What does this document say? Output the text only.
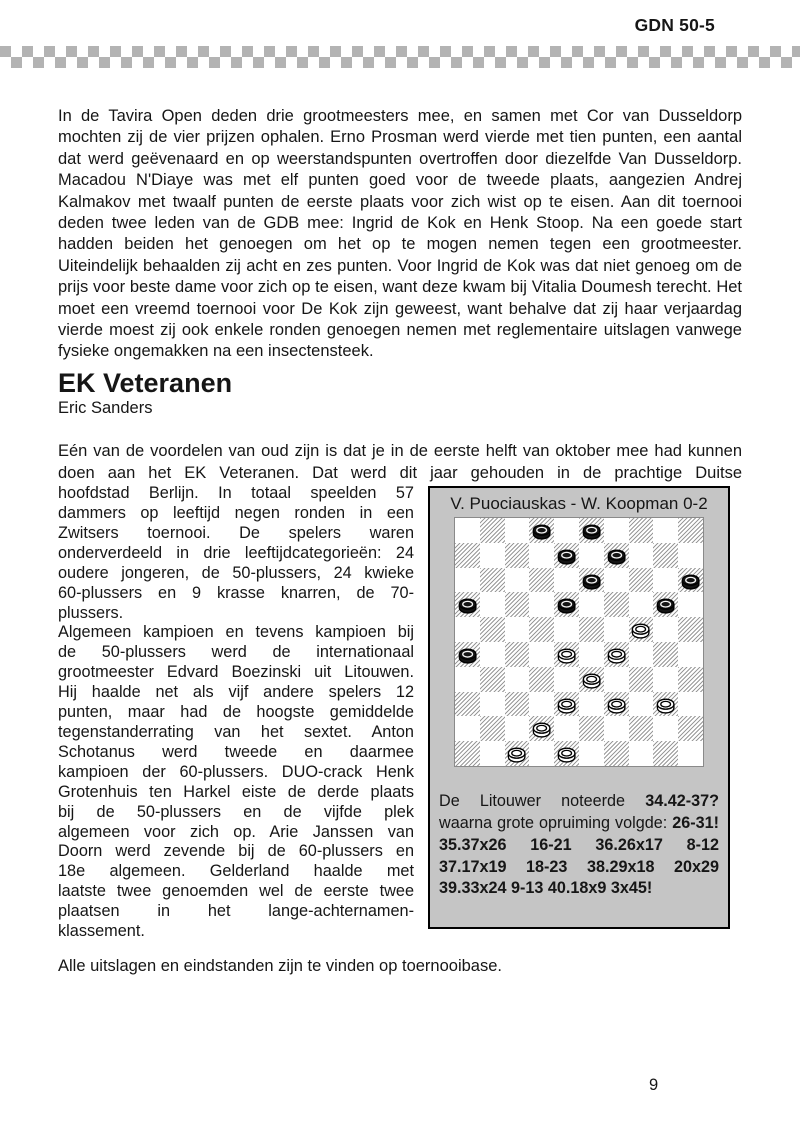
GDN 50-5

In de Tavira Open deden drie grootmeesters mee, en samen met Cor van Dusseldorp mochten zij de vier prijzen ophalen. Erno Prosman werd vierde met tien punten, een aantal dat werd geëvenaard en op weerstandspunten overtroffen door diezelfde Van Dusseldorp. Macadou N'Diaye was met elf punten goed voor de tweede plaats, aangezien Andrej Kalmakov met twaalf punten de eerste plaats voor zich wist op te eisen. Aan dit toernooi deden twee leden van de GDB mee: Ingrid de Kok en Henk Stoop. Na een goede start hadden beiden het genoegen om het op te mogen nemen tegen een grootmeester. Uiteindelijk behaalden zij acht en zes punten. Voor Ingrid de Kok was dat niet genoeg om de prijs voor beste dame voor zich op te eisen, want deze kwam bij Vitalia Doumesh terecht. Het moet een vreemd toernooi voor De Kok zijn geweest, want behalve dat zij haar verjaardag vierde moest zij ook enkele ronden genoegen nemen met reglementaire uitslagen vanwege fysieke ongemakken na een insectensteek.

EK Veteranen
Eric Sanders

Eén van de voordelen van oud zijn is dat je in de eerste helft van oktober mee had kunnen doen aan het EK Veteranen. Dat werd dit jaar gehouden in de prachtige Duitse

V. Puociauskas - W. Koopman 0-2

De Litouwer noteerde 34.42-37? waarna grote opruiming volgde: 26-31! 35.37x26 16-21 36.26x17 8-12 37.17x19 18-23 38.29x18 20x29 39.33x24 9-13 40.18x9 3x45!

hoofdstad Berlijn. In totaal speelden 57 dammers op leeftijd negen ronden in een Zwitsers toernooi. De spelers waren onderverdeeld in drie leeftijdcategorieën: 24 oudere jongeren, de 50-plussers, 24 kwieke 60-plussers en 9 krasse knarren, de 70-plussers.

Algemeen kampioen en tevens kampioen bij de 50-plussers werd de internationaal grootmeester Edvard Boezinski uit Litouwen. Hij haalde net als vijf andere spelers 12 punten, maar had de hoogste gemiddelde tegenstanderrating van het sextet. Anton Schotanus werd tweede en daarmee kampioen der 60-plussers. DUO-crack Henk Grotenhuis ten Harkel eiste de derde plaats bij de 50-plussers en de vijfde plek algemeen voor zich op. Arie Janssen van Doorn werd zevende bij de 60-plussers en 18e algemeen. Gelderland haalde met laatste twee genoemden wel de eerste twee plaatsen in het lange-achternamen-klassement.

Alle uitslagen en eindstanden zijn te vinden op toernooibase.

9
